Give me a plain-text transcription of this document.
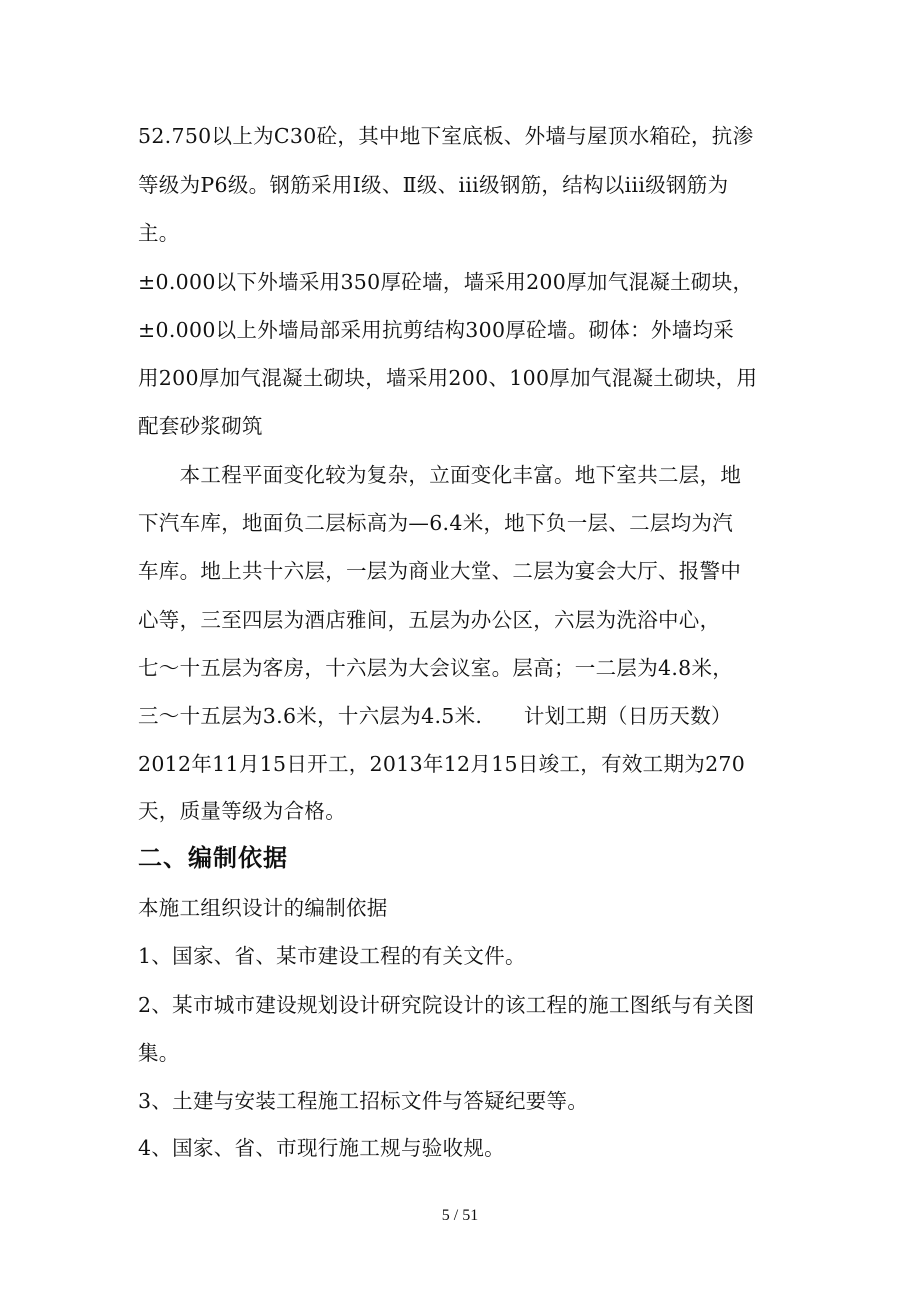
52.750以上为C30砼，其中地下室底板、外墙与屋顶水箱砼，抗渗
等级为P6级。钢筋采用Ⅰ级、Ⅱ级、iii级钢筋，结构以iii级钢筋为
主。
±0.000以下外墙采用350厚砼墙，墙采用200厚加气混凝土砌块，
±0.000以上外墙局部采用抗剪结构300厚砼墙。砌体：外墙均采
用200厚加气混凝土砌块，墙采用200、100厚加气混凝土砌块，用
配套砂浆砌筑
　　本工程平面变化较为复杂，立面变化丰富。地下室共二层，地
下汽车库，地面负二层标高为—6.4米，地下负一层、二层均为汽
车库。地上共十六层，一层为商业大堂、二层为宴会大厅、报警中
心等，三至四层为酒店雅间，五层为办公区，六层为洗浴中心，
七～十五层为客房，十六层为大会议室。层高；一二层为4.8米，
三～十五层为3.6米，十六层为4.5米.　　计划工期（日历天数）
2012年11月15日开工，2013年12月15日竣工，有效工期为270
天，质量等级为合格。
二、编制依据
本施工组织设计的编制依据
1、国家、省、某市建设工程的有关文件。
2、某市城市建设规划设计研究院设计的该工程的施工图纸与有关图
集。
3、土建与安装工程施工招标文件与答疑纪要等。
4、国家、省、市现行施工规与验收规。
5 / 51
